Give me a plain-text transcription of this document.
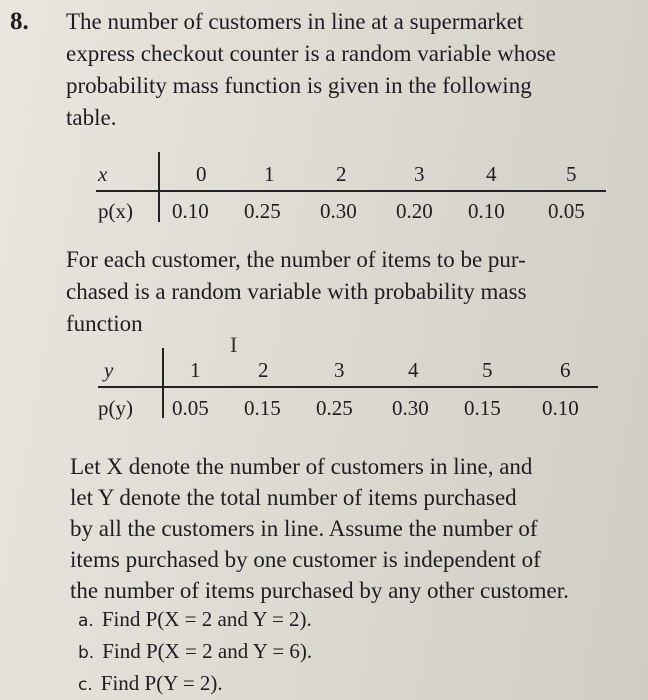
8. The number of customers in line at a supermarket
express checkout counter is a random variable whose
probability mass function is given in the following
table.

x	0	1	2	3	4	5
p(x) 0.10 0.25 0.30 0.20 0.10 0.05

For each customer, the number of items to be pur-
chased is a random variable with probability mass
function

I
y	1	2	3	4	5	6
p(y) 0.05 0.15 0.25 0.30 0.15 0.10

Let X denote the number of customers in line, and
let Y denote the total number of items purchased
by all the customers in line. Assume the number of
items purchased by one customer is independent of
the number of items purchased by any other customer.

a. Find P(X = 2 and Y = 2).
b. Find P(X = 2 and Y = 6).
c. Find P(Y = 2).
